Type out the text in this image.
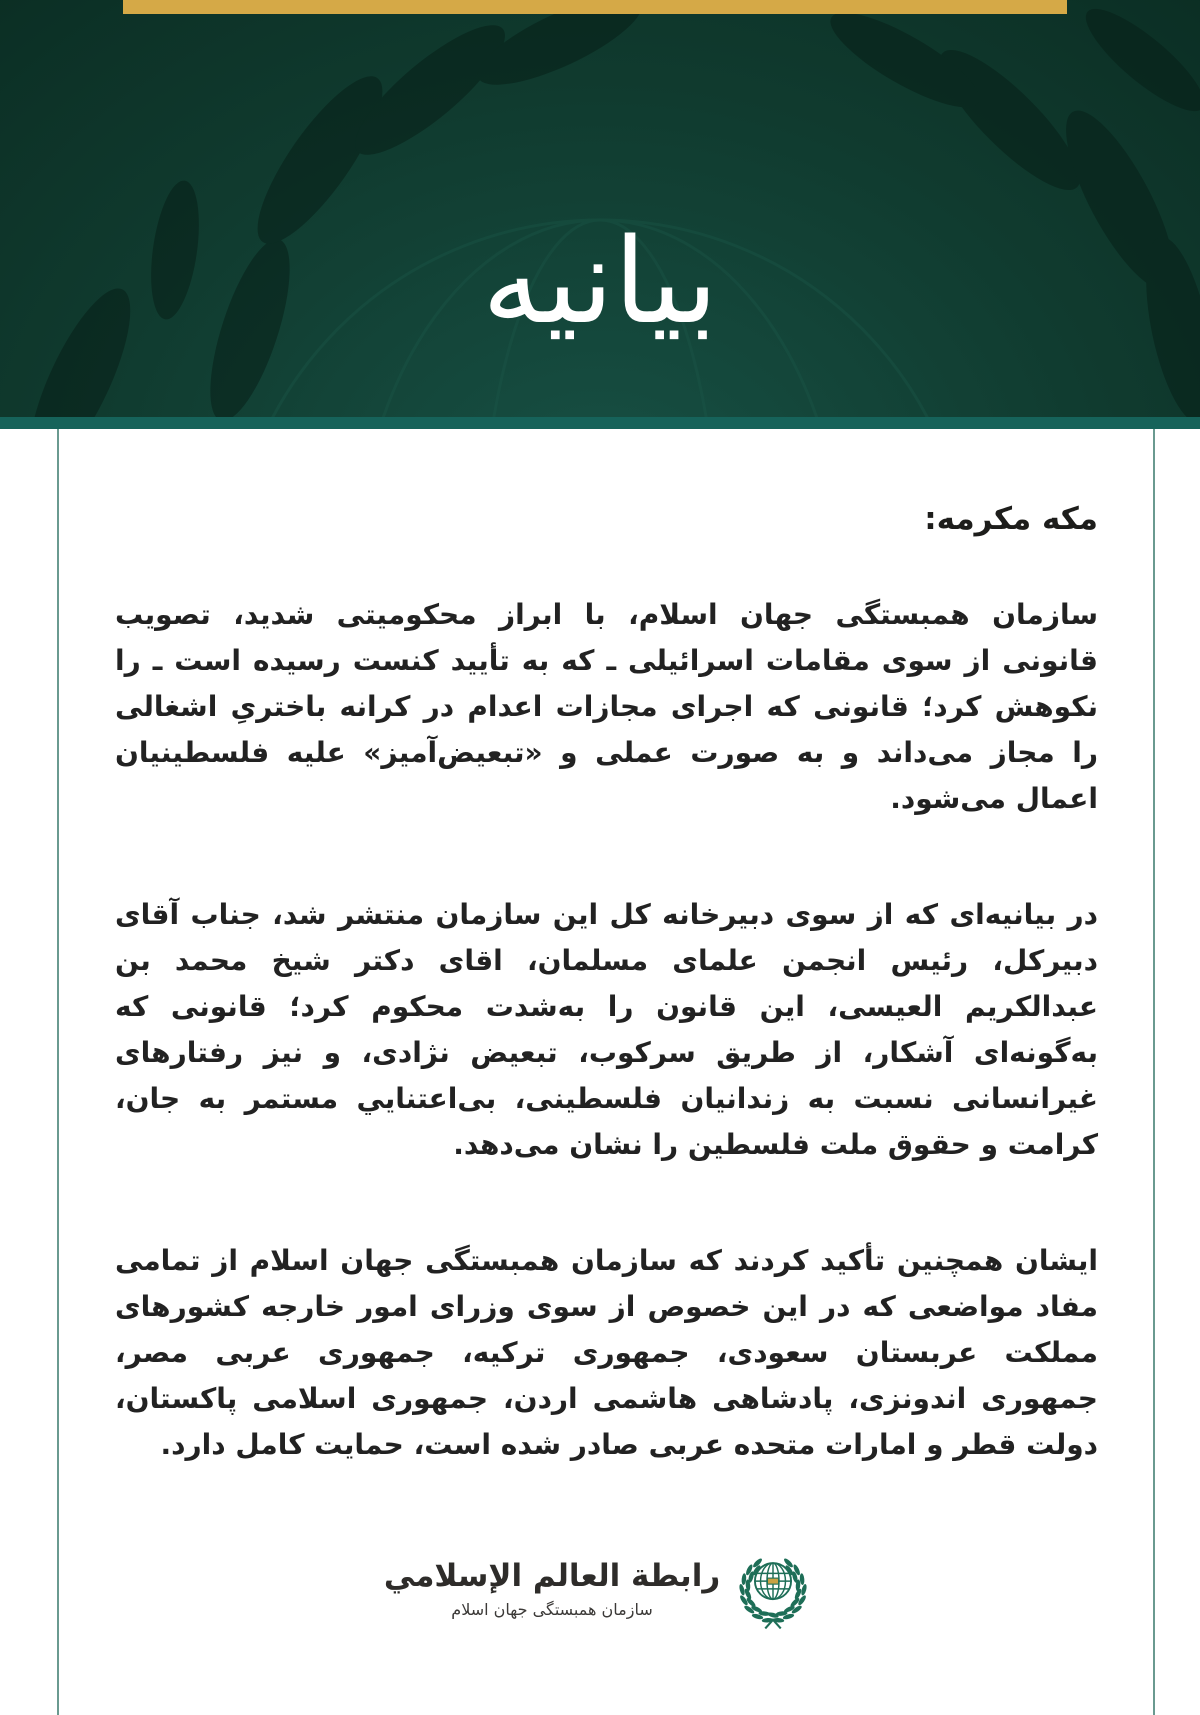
بیانیه
مکه مکرمه:

سازمان همبستگی جهان اسلام، با ابراز محکومیتی شدید، تصویب قانونی از سوی مقامات اسرائیلی ـ که به تأیید کنست رسیده است ـ را نکوهش کرد؛ قانونی که اجرای مجازات اعدام در کرانه باختریِ اشغالی را مجاز می‌داند و به صورت عملی و «تبعیض‌آمیز» علیه فلسطینیان اعمال می‌شود.

در بیانیه‌ای که از سوی دبیرخانه کل این سازمان منتشر شد، جناب آقای دبیرکل، رئیس انجمن علمای مسلمان، اقای دکتر شیخ محمد بن عبدالکریم العیسی، این قانون را به‌شدت محکوم کرد؛ قانونی که به‌گونه‌ای آشکار، از طریق سرکوب، تبعیض نژادی، و نیز رفتارهای غیرانسانی نسبت به زندانیان فلسطینی، بی‌اعتنایي مستمر به جان، کرامت و حقوق ملت فلسطین را نشان می‌دهد.

ایشان همچنین تأکید کردند که سازمان همبستگی جهان اسلام از تمامی مفاد مواضعی که در این خصوص از سوی وزرای امور خارجه کشورهای مملکت عربستان سعودی، جمهوری ترکیه، جمهوری عربی مصر، جمهوری اندونزی، پادشاهی هاشمی اردن، جمهوری اسلامی پاکستان، دولت قطر و امارات متحده عربی صادر شده است، حمایت کامل دارد.

رابطة العالم الإسلامي
سازمان همبستگی جهان اسلام
